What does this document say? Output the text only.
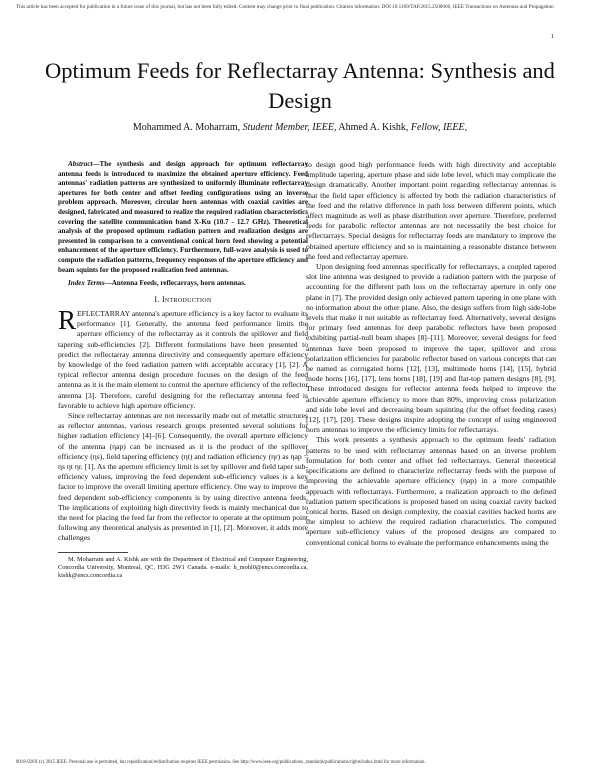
This article has been accepted for publication in a future issue of this journal, but has not been fully edited. Content may change prior to final publication. Citation information: DOI 10.1109/TAP.2015.2506006, IEEE Transactions on Antennas and Propagation
1
Optimum Feeds for Reflectarray Antenna: Synthesis and Design
Mohammed A. Moharram, Student Member, IEEE, Ahmed A. Kishk, Fellow, IEEE,

Abstract—The synthesis and design approach for optimum reflectarray antenna feeds is introduced to maximize the obtained aperture efficiency. Feed antennas' radiation patterns are synthesized to uniformly illuminate reflectarray apertures for both center and offset feeding configurations using an inverse problem approach. Moreover, circular horn antennas with coaxial cavities are designed, fabricated and measured to realize the required radiation characteristics covering the satellite communication band X-Ku (10.7 - 12.7 GHz). Theoretical analysis of the proposed optimum radiation pattern and realization designs are presented in comparison to a conventional conical horn feed showing a potential enhancement of the aperture efficiency. Furthermore, full-wave analysis is used to compute the radiation patterns, frequency responses of the aperture efficiency and beam squints for the proposed realization feed antennas.

Index Terms—Antenna Feeds, reflecarrays, horn antennas.

I. Introduction

REFLECTARRAY antenna's aperture efficiency is a key factor to evaluate its performance [1]. Generally, the antenna feed performance limits the aperture efficiency of the reflectarray as it controls the spillover and field tapering sub-efficiencies [2]. Different formulations have been presented to predict the reflectarray antenna directivity and consequently aperture efficiency by knowledge of the feed radiation pattern with acceptable accuracy [1], [2]. A typical reflector antenna design procedure focuses on the design of the feed antenna as it is the main element to control the aperture efficiency of the reflector antenna [3]. Therefore, careful designing for the reflectarray antenna feed is favorable to achieve high aperture efficiency.

Since reflectarray antennas are not necessarily made out of metallic structures as reflector antennas, various research groups presented several solutions for higher radiation efficiency [4]–[6]. Consequently, the overall aperture efficiency of the antenna (ηap) can be increased as it is the product of the spillover efficiency (ηs), field tapering efficiency (ηt) and radiation efficiency (ηr) as ηap = ηs ηt ηr. [1]. As the aperture efficiency limit is set by spillover and field taper sub-efficiency values, improving the feed dependent sub-efficiency values is a key factor to improve the overall limiting aperture efficiency. One way to improve the feed dependent sub-efficiency components is by using directive antenna feeds. The implications of exploiting high directivity feeds is mainly mechanical due to the need for placing the feed far from the reflector to operate at the optimum point following any theoretical analysis as presented in [1], [2]. Moreover, it adds more challenges

M. Moharram and A. Kishk are with the Department of Electrical and Computer Engineering, Concordia University, Montreal, QC, H3G 2W1 Canada. e-mails: h_mohl0@encs.concordia.ca, kishk@encs.concordia.ca

to design good high performance feeds with high directivity and acceptable amplitude tapering, aperture phase and side lobe level, which may complicate the design dramatically. Another important point regarding reflectarray antennas is that the field taper efficiency is affected by both the radiation characteristics of the feed and the relative difference in path loss between different points, which affect magnitude as well as phase distribution over aperture. Therefore, preferred feeds for parabolic reflector antennas are not necessarily the best choice for reflectarrays. Special designs for reflectarray feeds are mandatory to improve the obtained aperture efficiency and so is maintaining a reasonable distance between the feed and reflectarray aperture.

Upon designing feed antennas specifically for reflectarrays, a coupled tapered slot line antenna was designed to provide a radiation pattern with the purpose of accounting for the different path loss on the reflectarray aperture in only one plane in [7]. The provided design only achieved pattern tapering in one plane with no information about the other plane. Also, the design suffers from high side-lobe levels that make it not suitable as reflectarray feed. Alternatively, several designs for primary feed antennas for deep parabolic reflectors have been proposed exhibiting partial-null beam shapes [8]–[11]. Moreover, several designs for feed antennas have been proposed to improve the taper, spillover and cross polarization efficiencies for parabolic reflector based on various concepts that can be named as corrugated horns [12], [13], multimode horns [14], [15], hybrid mode horns [16], [17], lens horns [18], [19] and flat-top pattern designs [8], [9]. These introduced designs for reflector antenna feeds helped to improve the achievable aperture efficiency to more than 80%, improving cross polarization and side lobe level and decreasing beam squinting (for the offset feeding cases) [12], [17], [20]. These designs inspire adopting the concept of using engineered horn antennas to improve the efficiency limits for reflectarrays.

This work presents a synthesis approach to the optimum feeds' radiation patterns to be used with reflectarray antennas based on an inverse problem formulation for both center and offset fed reflectarrays. General theoretical specifications are defined to characterize reflectarray feeds with the purpose of improving the achievable aperture efficiency (ηap) in a more compatible approach with reflectarrays. Furthermore, a realization approach to the defined radiation pattern specifications is proposed based on using coaxial cavity backed conical horns. Based on design complexity, the coaxial cavities backed horns are the simplest to achieve the required radiation characteristics. The computed aperture sub-efficiency values of the proposed designs are compared to conventional conical horns to evaluate the performance enhancements using the

0018-926X (c) 2015 IEEE. Personal use is permitted, but republication/redistribution requires IEEE permission. See http://www.ieee.org/publications_standards/publications/rights/index.html for more information.
